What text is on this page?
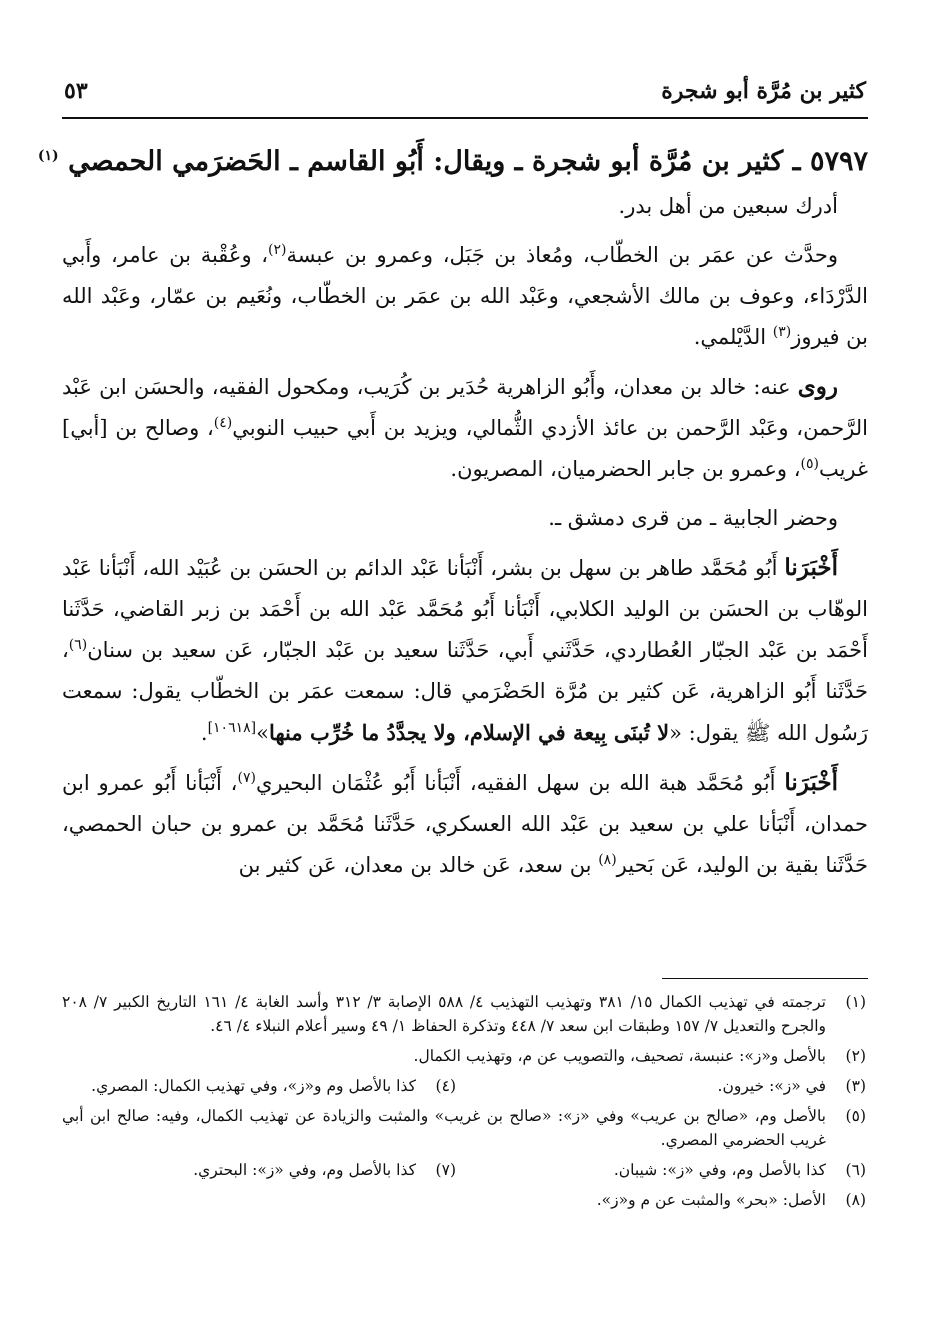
كثير بن مُرَّة أبو شجرة
٥٣
٥٧٩٧ ـ كثير بن مُرَّة أبو شجرة ـ ويقال: أَبُو القاسم ـ الحَضرَمي الحمصي $^{(١)}$

أدرك سبعين من أهل بدر.

وحدَّث عن عمَر بن الخطّاب، ومُعاذ بن جَبَل، وعمرو بن عبسة$^{(٢)}$، وعُقْبة بن عامر، وأَبي الدَّرْدَاء، وعوف بن مالك الأشجعي، وعَبْد الله بن عمَر بن الخطّاب، ونُعَيم بن عمّار، وعَبْد الله بن فيروز$^{(٣)}$ الدَّيْلمي.

روى عنه: خالد بن معدان، وأَبُو الزاهرية حُدَير بن كُرَيب، ومكحول الفقيه، والحسَن ابن عَبْد الرَّحمن، وعَبْد الرَّحمن بن عائذ الأزدي الثُّمالي، ويزيد بن أَبي حبيب النوبي$^{(٤)}$، وصالح بن [أبي] غريب$^{(٥)}$، وعمرو بن جابر الحضرميان، المصريون.

وحضر الجابية ـ من قرى دمشق ـ.

أَخْبَرَنا أَبُو مُحَمَّد طاهر بن سهل بن بشر، أَنْبَأنا عَبْد الدائم بن الحسَن بن عُبَيْد الله، أَنْبَأنا عَبْد الوهّاب بن الحسَن بن الوليد الكلابي، أَنْبَأنا أَبُو مُحَمَّد عَبْد الله بن أَحْمَد بن زبر القاضي، حَدَّثَنا أَحْمَد بن عَبْد الجبّار العُطاردي، حَدَّثَني أَبي، حَدَّثَنا سعيد بن عَبْد الجبّار، عَن سعيد بن سنان$^{(٦)}$، حَدَّثَنا أَبُو الزاهرية، عَن كثير بن مُرَّة الحَضْرَمي قال: سمعت عمَر بن الخطّاب يقول: سمعت رَسُول الله ﷺ يقول: «لا تُبنَى بِيعة في الإسلام، ولا يجدَّدُ ما خُرِّب منها»[١٠٦١٨].

أَخْبَرَنا أَبُو مُحَمَّد هبة الله بن سهل الفقيه، أَنْبَأنا أَبُو عُثْمَان البحيري$^{(٧)}$، أَنْبَأنا أَبُو عمرو ابن حمدان، أَنْبَأنا علي بن سعيد بن عَبْد الله العسكري، حَدَّثَنا مُحَمَّد بن عمرو بن حبان الحمصي، حَدَّثَنا بقية بن الوليد، عَن بَحير$^{(٨)}$ بن سعد، عَن خالد بن معدان، عَن كثير بن

(١)
ترجمته في تهذيب الكمال ١٥/ ٣٨١ وتهذيب التهذيب ٤/ ٥٨٨ الإصابة ٣/ ٣١٢ وأسد الغابة ٤/ ١٦١ التاريخ الكبير ٧/ ٢٠٨ والجرح والتعديل ٧/ ١٥٧ وطبقات ابن سعد ٧/ ٤٤٨ وتذكرة الحفاظ ١/ ٤٩ وسير أعلام النبلاء ٤/ ٤٦.
(٢)
بالأصل و«ز»: عنبسة، تصحيف، والتصويب عن م، وتهذيب الكمال.
(٣)
في «ز»: خيرون.
(٤)
كذا بالأصل وم و«ز»، وفي تهذيب الكمال: المصري.
(٥)
بالأصل وم، «صالح بن عريب» وفي «ز»: «صالح بن غريب» والمثبت والزيادة عن تهذيب الكمال، وفيه: صالح ابن أبي غريب الحضرمي المصري.
(٦)
كذا بالأصل وم، وفي «ز»: شيبان.
(٧)
كذا بالأصل وم، وفي «ز»: البحتري.
(٨)
الأصل: «بحر» والمثبت عن م و«ز».
